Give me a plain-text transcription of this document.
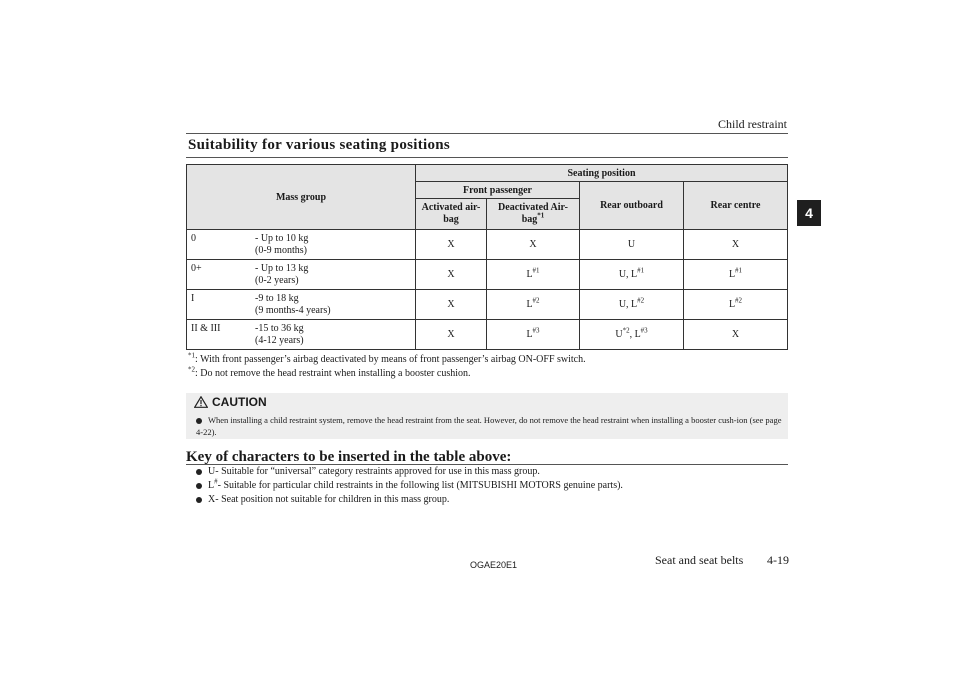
Child restraint
4
Suitability for various seating positions
Mass group		Seating position			
		Front passenger		Rear outboard	Rear centre
		Activated air-bag	Deactivated Air-bag$^{*1}$
0	- Up to 10 kg
(0-9 months)	X	X	U	X
0+	- Up to 13 kg
(0-2 years)	X	$L^{\#1}$	U, $L^{\#1}$	$L^{\#1}$
I	-9 to 18 kg
(9 months-4 years)	X	$L^{\#2}$	U, $L^{\#2}$	$L^{\#2}$
II & III	-15 to 36 kg
(4-12 years)	X	$L^{\#3}$	$U^{*2}$, $L^{\#3}$	X
$^{*1}$: With front passenger’s airbag deactivated by means of front passenger’s airbag ON-OFF switch.
$^{*2}$: Do not remove the head restraint when installing a booster cushion.
CAUTION
When installing a child restraint system, remove the head restraint from the seat. However, do not remove the head restraint when installing a booster cush-ion (see page 4-22).
Key of characters to be inserted in the table above:
U- Suitable for “universal” category restraints approved for use in this mass group.
L#- Suitable for particular child restraints in the following list (MITSUBISHI MOTORS genuine parts).
X- Seat position not suitable for children in this mass group.
OGAE20E1	Seat and seat belts 4-19
